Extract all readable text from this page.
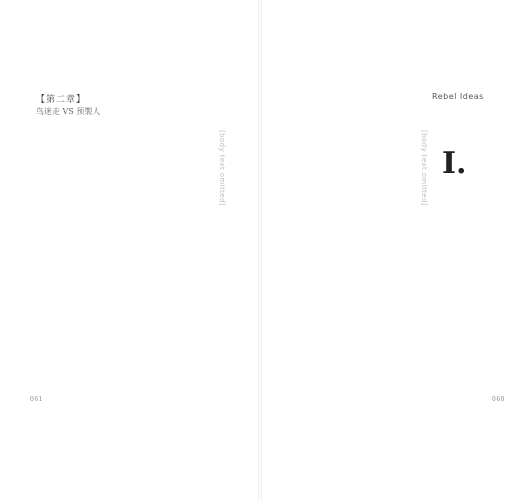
【第二章】
鸟迷走 VS 预製人
Rebel Ideas
I.
[body text omitted]	[body text omitted]
061	060
